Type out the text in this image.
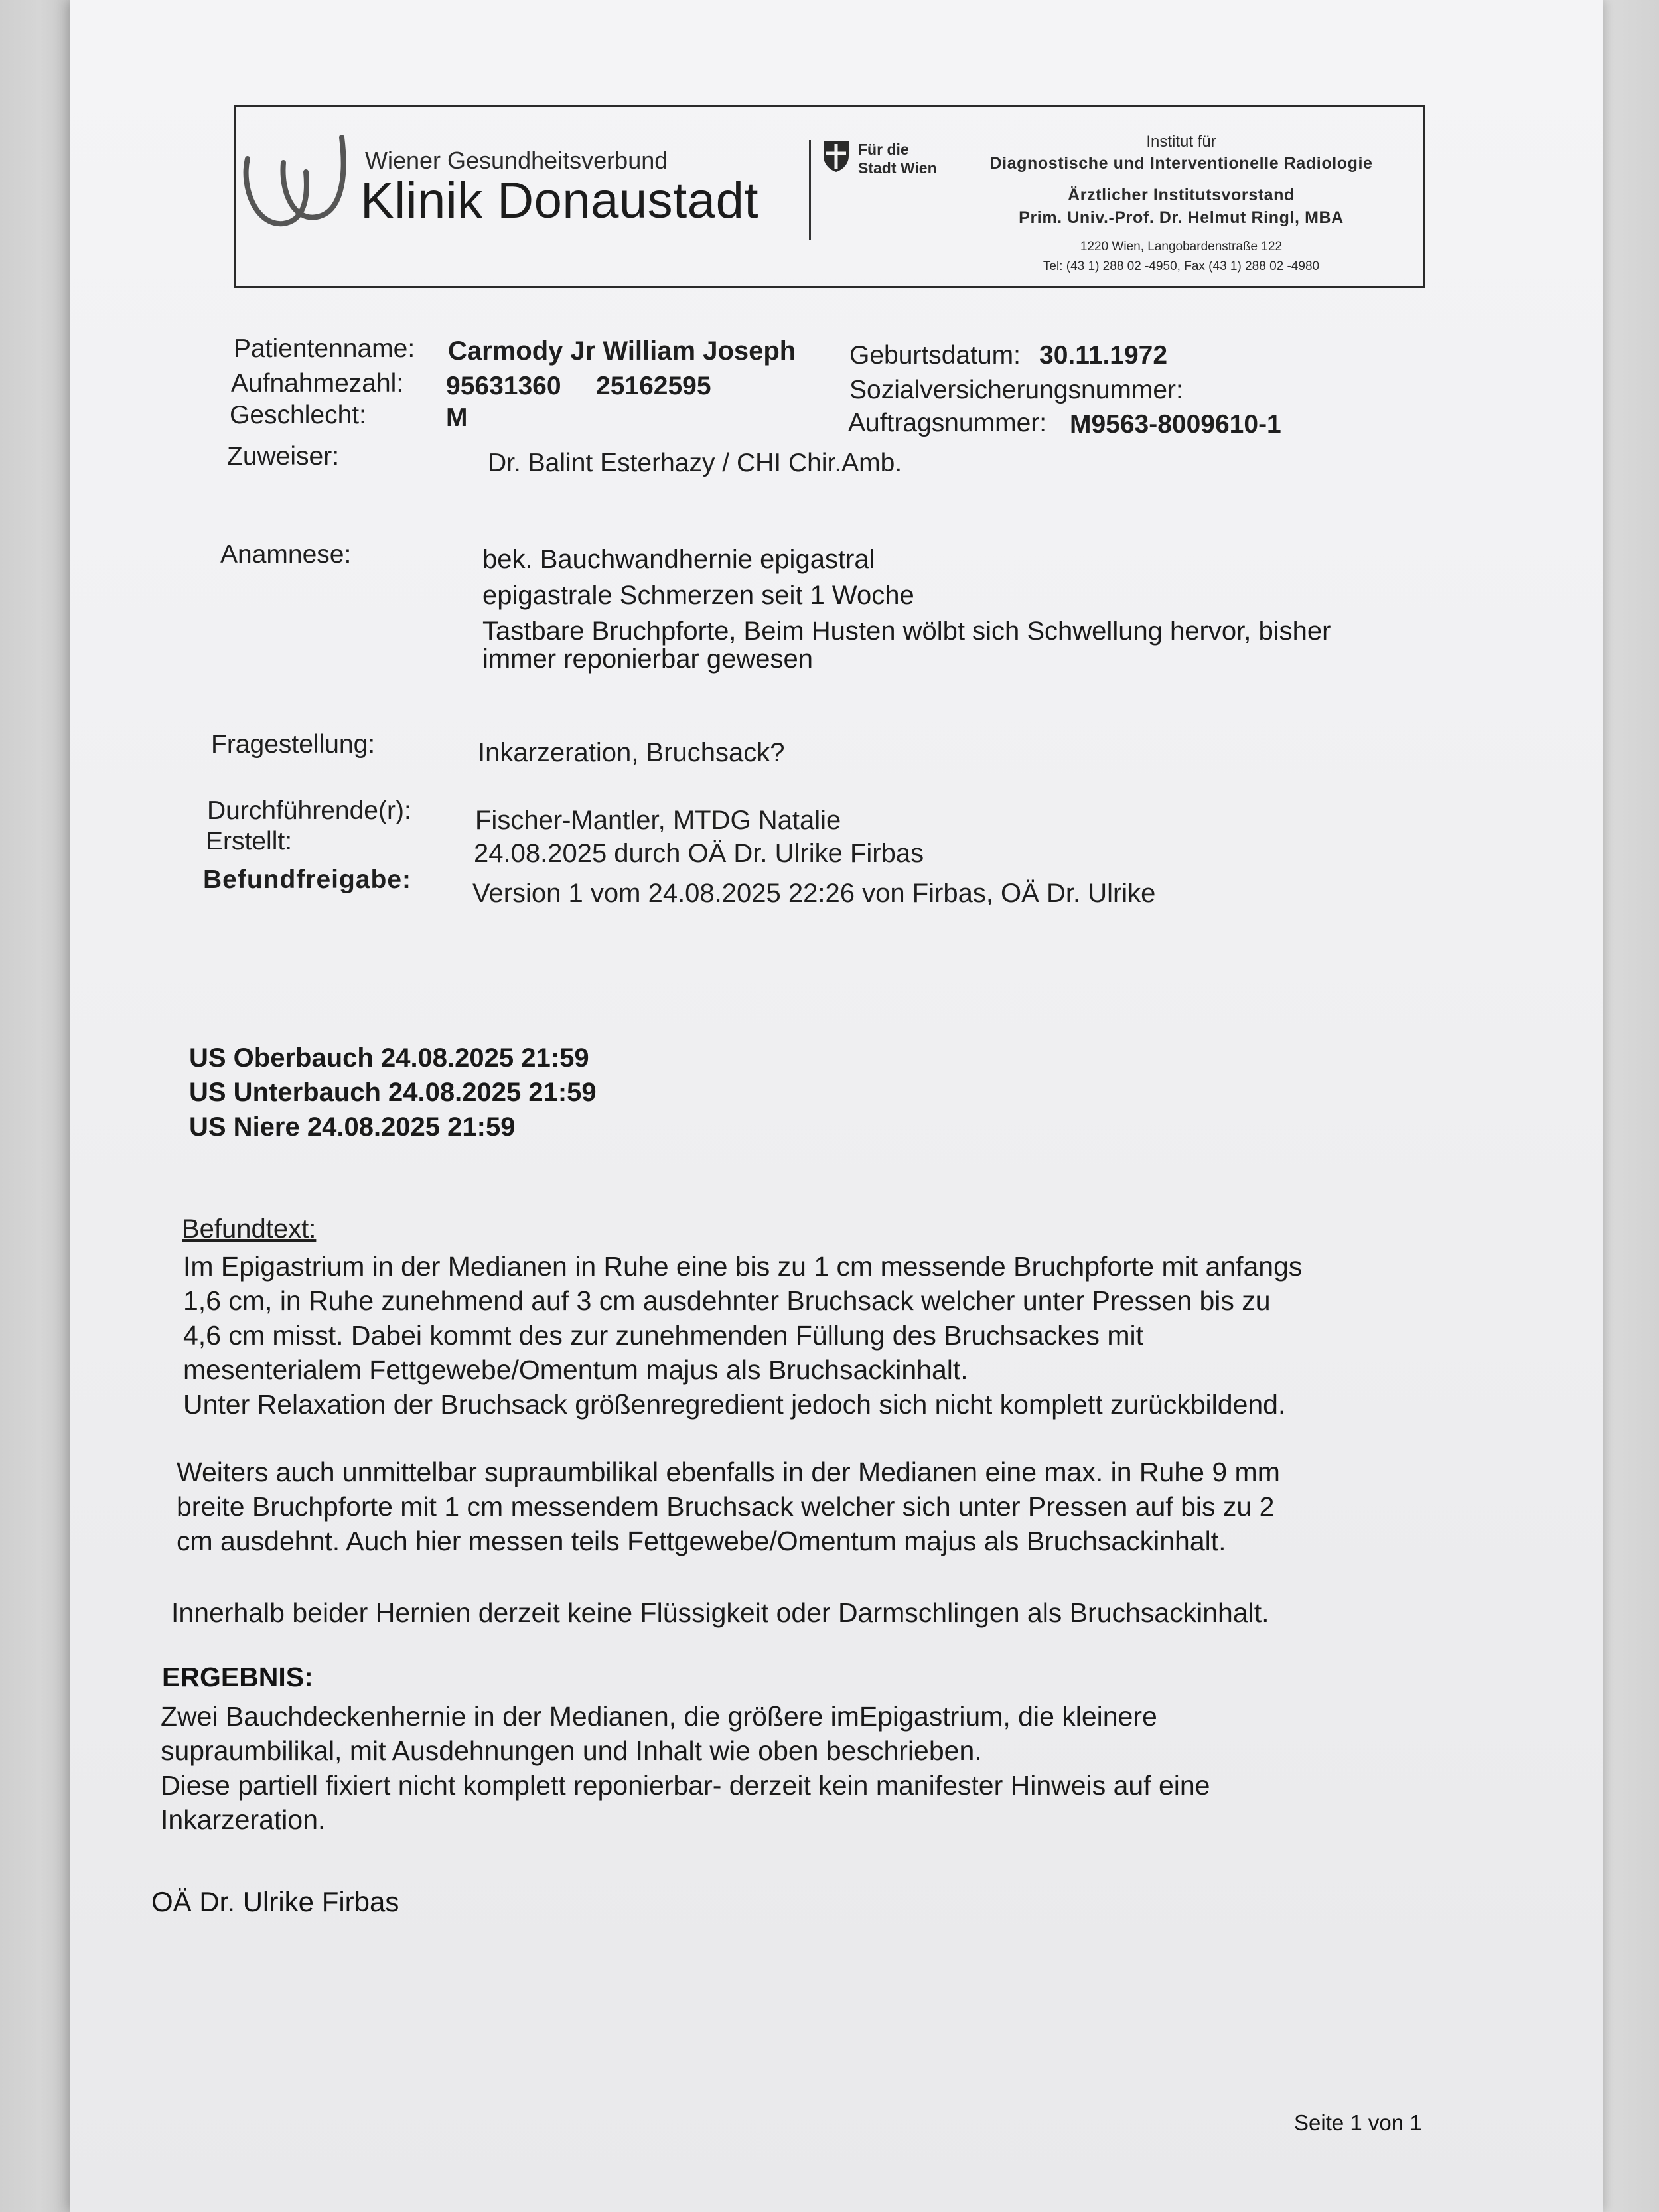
Wiener Gesundheitsverbund
Klinik Donaustadt
Für die
Stadt Wien
Institut für
Diagnostische und Interventionelle Radiologie
Ärztlicher Institutsvorstand
Prim. Univ.-Prof. Dr. Helmut Ringl, MBA
1220 Wien, Langobardenstraße 122
Tel: (43 1) 288 02 -4950, Fax (43 1) 288 02 -4980
Patientenname: Carmody Jr William Joseph Geburtsdatum: 30.11.1972
Aufnahmezahl: 95631360 25162595	Sozialversicherungsnummer:
Geschlecht:	M	Auftragsnummer: M9563-8009610-1
Zuweiser:	Dr. Balint Esterhazy / CHI Chir.Amb.
Anamnese:	bek. Bauchwandhernie epigastral
epigastrale Schmerzen seit 1 Woche
Tastbare Bruchpforte, Beim Husten wölbt sich Schwellung hervor, bisher
immer reponierbar gewesen
Fragestellung:	Inkarzeration, Bruchsack?
Durchführende(r): Fischer-Mantler, MTDG Natalie
Erstellt:	24.08.2025 durch OÄ Dr. Ulrike Firbas
Befundfreigabe: Version 1 vom 24.08.2025 22:26 von Firbas, OÄ Dr. Ulrike
US Oberbauch 24.08.2025 21:59
US Unterbauch 24.08.2025 21:59
US Niere 24.08.2025 21:59
Befundtext:
Im Epigastrium in der Medianen in Ruhe eine bis zu 1 cm messende Bruchpforte mit anfangs
1,6 cm, in Ruhe zunehmend auf 3 cm ausdehnter Bruchsack welcher unter Pressen bis zu
4,6 cm misst. Dabei kommt des zur zunehmenden Füllung des Bruchsackes mit
mesenterialem Fettgewebe/Omentum majus als Bruchsackinhalt.
Unter Relaxation der Bruchsack größenregredient jedoch sich nicht komplett zurückbildend.
Weiters auch unmittelbar supraumbilikal ebenfalls in der Medianen eine max. in Ruhe 9 mm
breite Bruchpforte mit 1 cm messendem Bruchsack welcher sich unter Pressen auf bis zu 2
cm ausdehnt. Auch hier messen teils Fettgewebe/Omentum majus als Bruchsackinhalt.
Innerhalb beider Hernien derzeit keine Flüssigkeit oder Darmschlingen als Bruchsackinhalt.
ERGEBNIS:
Zwei Bauchdeckenhernie in der Medianen, die größere imEpigastrium, die kleinere
supraumbilikal, mit Ausdehnungen und Inhalt wie oben beschrieben.
Diese partiell fixiert nicht komplett reponierbar- derzeit kein manifester Hinweis auf eine
Inkarzeration.
OÄ Dr. Ulrike Firbas
Seite 1 von 1
